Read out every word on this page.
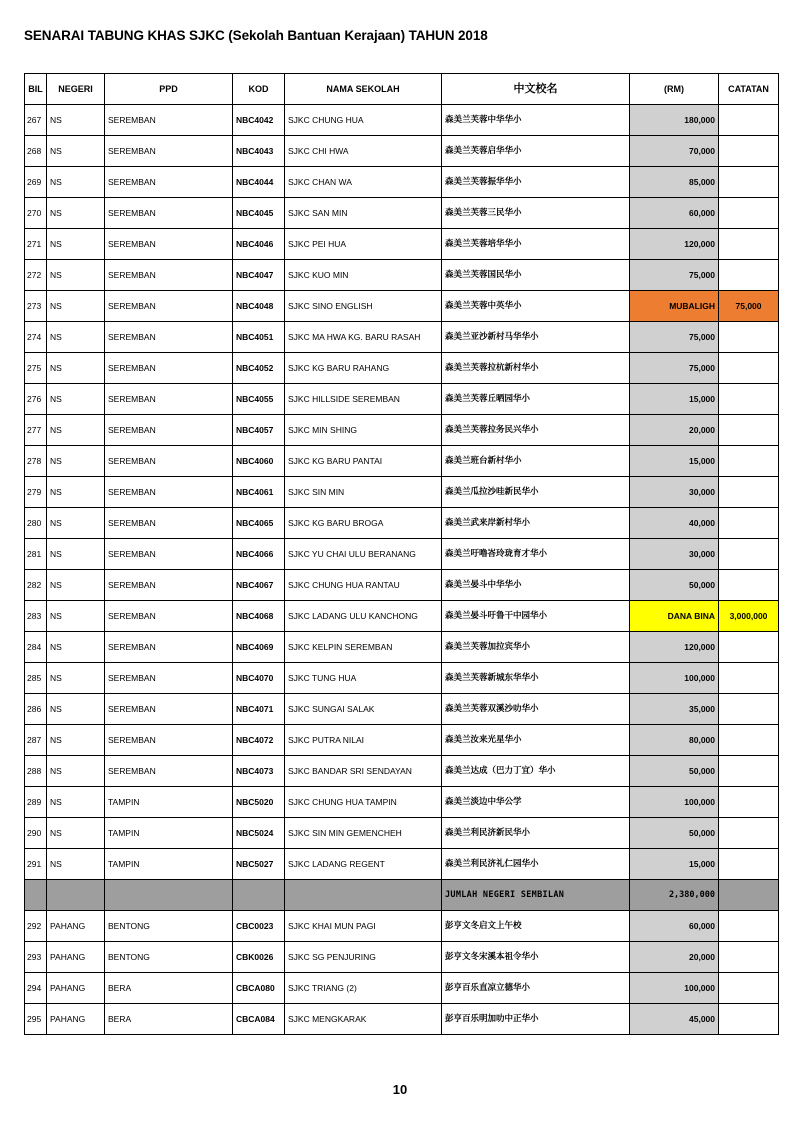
SENARAI TABUNG KHAS SJKC (Sekolah Bantuan Kerajaan) TAHUN 2018
BIL	NEGERI	PPD	KOD	NAMA SEKOLAH	中文校名	(RM)	CATATAN
267	NS	SEREMBAN	NBC4042	SJKC CHUNG HUA	森美兰芙蓉中华华小	180,000	
268	NS	SEREMBAN	NBC4043	SJKC CHI HWA	森美兰芙蓉启华华小	70,000	
269	NS	SEREMBAN	NBC4044	SJKC CHAN WA	森美兰芙蓉振华华小	85,000	
270	NS	SEREMBAN	NBC4045	SJKC SAN MIN	森美兰芙蓉三民华小	60,000	
271	NS	SEREMBAN	NBC4046	SJKC PEI HUA	森美兰芙蓉培华华小	120,000	
272	NS	SEREMBAN	NBC4047	SJKC KUO MIN	森美兰芙蓉国民华小	75,000	
273	NS	SEREMBAN	NBC4048	SJKC SINO ENGLISH	森美兰芙蓉中英华小	MUBALIGH	75,000
274	NS	SEREMBAN	NBC4051	SJKC MA HWA KG. BARU RASAH	森美兰亚沙新村马华华小	75,000	
275	NS	SEREMBAN	NBC4052	SJKC KG BARU RAHANG	森美兰芙蓉拉杭新村华小	75,000	
276	NS	SEREMBAN	NBC4055	SJKC HILLSIDE SEREMBAN	森美兰芙蓉丘晒园华小	15,000	
277	NS	SEREMBAN	NBC4057	SJKC MIN SHING	森美兰芙蓉拉务民兴华小	20,000	
278	NS	SEREMBAN	NBC4060	SJKC KG BARU PANTAI	森美兰班台新村华小	15,000	
279	NS	SEREMBAN	NBC4061	SJKC SIN MIN	森美兰瓜拉沙哇新民华小	30,000	
280	NS	SEREMBAN	NBC4065	SJKC KG BARU BROGA	森美兰武来岸新村华小	40,000	
281	NS	SEREMBAN	NBC4066	SJKC YU CHAI ULU BERANANG	森美兰吁噜峇玲珑育才华小	30,000	
282	NS	SEREMBAN	NBC4067	SJKC CHUNG HUA RANTAU	森美兰晏斗中华华小	50,000	
283	NS	SEREMBAN	NBC4068	SJKC LADANG ULU KANCHONG	森美兰晏斗吁鲁干中园华小	DANA BINA	3,000,000
284	NS	SEREMBAN	NBC4069	SJKC KELPIN SEREMBAN	森美兰芙蓉加拉宾华小	120,000	
285	NS	SEREMBAN	NBC4070	SJKC TUNG HUA	森美兰芙蓉新城东华华小	100,000	
286	NS	SEREMBAN	NBC4071	SJKC SUNGAI SALAK	森美兰芙蓉双溪沙叻华小	35,000	
287	NS	SEREMBAN	NBC4072	SJKC PUTRA NILAI	森美兰汝来光星华小	80,000	
288	NS	SEREMBAN	NBC4073	SJKC BANDAR SRI SENDAYAN	森美兰达成（巴力丁宜）华小	50,000	
289	NS	TAMPIN	NBC5020	SJKC CHUNG HUA TAMPIN	森美兰淡边中华公学	100,000	
290	NS	TAMPIN	NBC5024	SJKC SIN MIN GEMENCHEH	森美兰利民济新民华小	50,000	
291	NS	TAMPIN	NBC5027	SJKC LADANG REGENT	森美兰利民济礼仁园华小	15,000	
					JUMLAH NEGERI SEMBILAN	2,380,000	
292	PAHANG	BENTONG	CBC0023	SJKC KHAI MUN PAGI	彭亨文冬启文上午校	60,000	
293	PAHANG	BENTONG	CBK0026	SJKC SG PENJURING	彭亨文冬宋溪本祖令华小	20,000	
294	PAHANG	BERA	CBCA080	SJKC TRIANG (2)	彭亨百乐直凉立德华小	100,000	
295	PAHANG	BERA	CBCA084	SJKC MENGKARAK	彭亨百乐明加叻中正华小	45,000	
10
